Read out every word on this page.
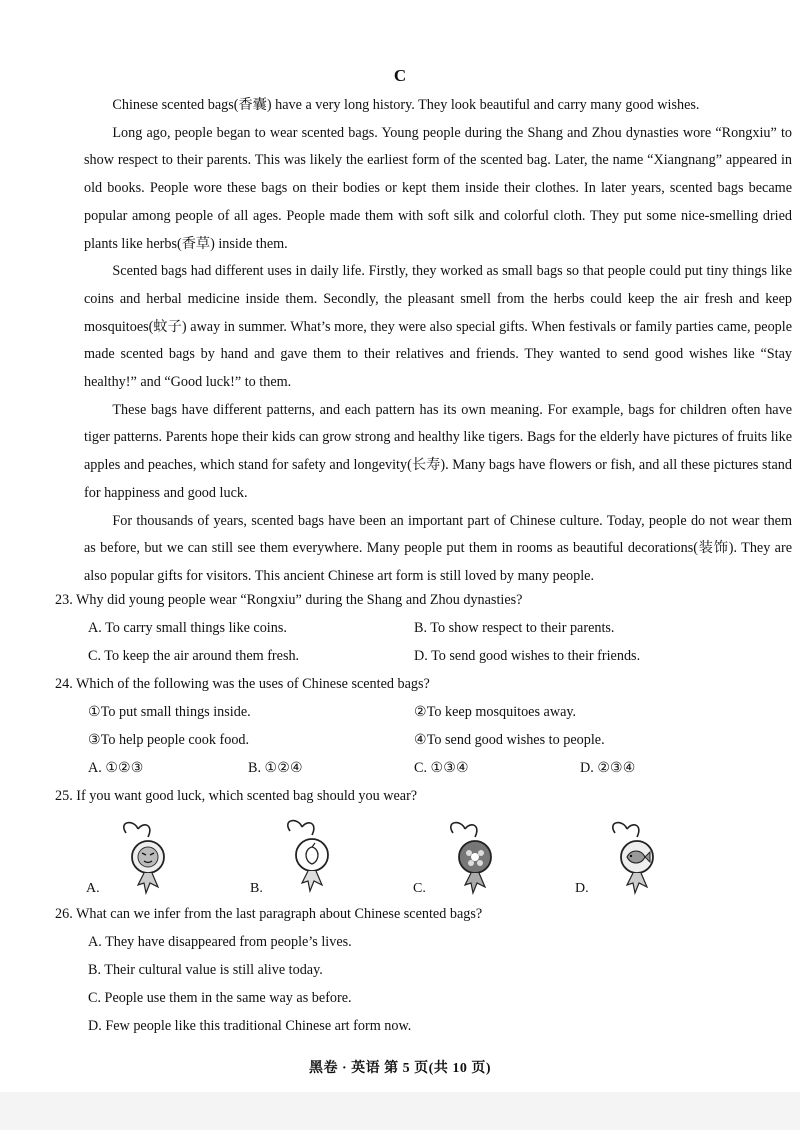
C

Chinese scented bags(香囊) have a very long history. They look beautiful and carry many good wishes.

Long ago, people began to wear scented bags. Young people during the Shang and Zhou dynasties wore “Rongxiu” to show respect to their parents. This was likely the earliest form of the scented bag. Later, the name “Xiangnang” appeared in old books. People wore these bags on their bodies or kept them inside their clothes. In later years, scented bags became popular among people of all ages. People made them with soft silk and colorful cloth. They put some nice-smelling dried plants like herbs(香草) inside them.

Scented bags had different uses in daily life. Firstly, they worked as small bags so that people could put tiny things like coins and herbal medicine inside them. Secondly, the pleasant smell from the herbs could keep the air fresh and keep mosquitoes(蚊子) away in summer. What’s more, they were also special gifts. When festivals or family parties came, people made scented bags by hand and gave them to their relatives and friends. They wanted to send good wishes like “Stay healthy!” and “Good luck!” to them.

These bags have different patterns, and each pattern has its own meaning. For example, bags for children often have tiger patterns. Parents hope their kids can grow strong and healthy like tigers. Bags for the elderly have pictures of fruits like apples and peaches, which stand for safety and longevity(长寿). Many bags have flowers or fish, and all these pictures stand for happiness and good luck.

For thousands of years, scented bags have been an important part of Chinese culture. Today, people do not wear them as before, but we can still see them everywhere. Many people put them in rooms as beautiful decorations(装饰). They are also popular gifts for visitors. This ancient Chinese art form is still loved by many people.

23. Why did young people wear “Rongxiu” during the Shang and Zhou dynasties?
A. To carry small things like coins.	B. To show respect to their parents.
C. To keep the air around them fresh.	D. To send good wishes to their friends.
24. Which of the following was the uses of Chinese scented bags?
①To put small things inside.	②To keep mosquitoes away.
③To help people cook food.	④To send good wishes to people.
A. ①②③	B. ①②④	C. ①③④	D. ②③④
25. If you want good luck, which scented bag should you wear?
A.	B.	C.	D.
26. What can we infer from the last paragraph about Chinese scented bags?
A. They have disappeared from people’s lives.
B. Their cultural value is still alive today.
C. People use them in the same way as before.
D. Few people like this traditional Chinese art form now.
黑卷 · 英语 第 5 页(共 10 页)
